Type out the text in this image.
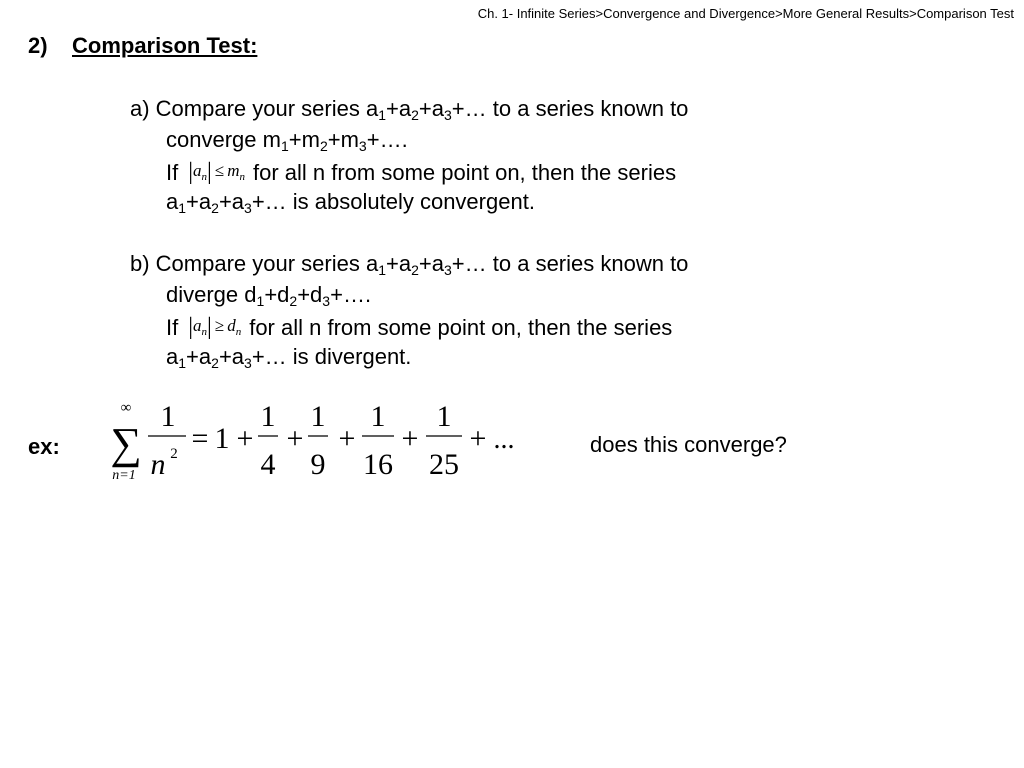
Ch. 1- Infinite Series>Convergence and Divergence>More General Results>Comparison Test
2) Comparison Test:
a) Compare your series $a_1+a_2+a_3+\dots$ to a series known to
converge $m_1+m_2+m_3+\dots$.
If $|a_n| \le m_n$ for all n from some point on, then the series
$a_1+a_2+a_3+\dots$ is absolutely convergent.
b) Compare your series $a_1+a_2+a_3+\dots$ to a series known to
diverge $d_1+d_2+d_3+\dots$.
If $|a_n| \ge d_n$ for all n from some point on, then the series
$a_1+a_2+a_3+\dots$ is divergent.
ex:
∞
∑
n=1
1
n 2 = 1 +
1
4
+
1
9
+
1
16
+
1
25
+ ...	does this converge?
